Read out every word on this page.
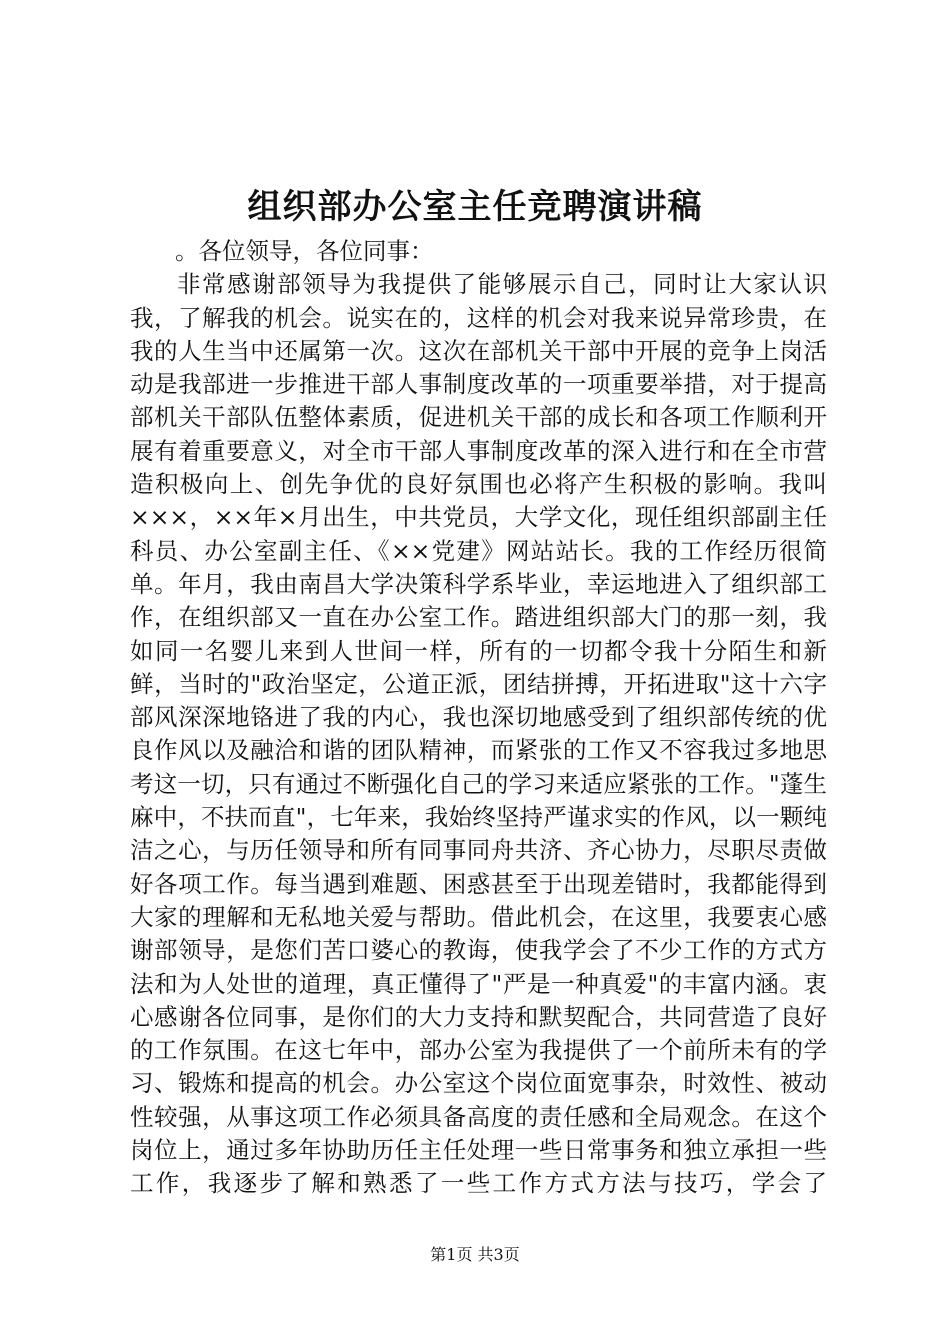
组织部办公室主任竞聘演讲稿

。各位领导，各位同事：

非常感谢部领导为我提供了能够展示自己，同时让大家认识我，了解我的机会。说实在的，这样的机会对我来说异常珍贵，在我的人生当中还属第一次。这次在部机关干部中开展的竞争上岗活动是我部进一步推进干部人事制度改革的一项重要举措，对于提高部机关干部队伍整体素质，促进机关干部的成长和各项工作顺利开展有着重要意义，对全市干部人事制度改革的深入进行和在全市营造积极向上、创先争优的良好氛围也必将产生积极的影响。我叫×××，××年×月出生，中共党员，大学文化，现任组织部副主任科员、办公室副主任、《××党建》网站站长。我的工作经历很简单。年月，我由南昌大学决策科学系毕业，幸运地进入了组织部工作，在组织部又一直在办公室工作。踏进组织部大门的那一刻，我如同一名婴儿来到人世间一样，所有的一切都令我十分陌生和新鲜，当时的"政治坚定，公道正派，团结拼搏，开拓进取"这十六字部风深深地铬进了我的内心，我也深切地感受到了组织部传统的优良作风以及融洽和谐的团队精神，而紧张的工作又不容我过多地思考这一切，只有通过不断强化自己的学习来适应紧张的工作。"蓬生麻中，不扶而直"，七年来，我始终坚持严谨求实的作风，以一颗纯洁之心，与历任领导和所有同事同舟共济、齐心协力，尽职尽责做好各项工作。每当遇到难题、困惑甚至于出现差错时，我都能得到大家的理解和无私地关爱与帮助。借此机会，在这里，我要衷心感谢部领导，是您们苦口婆心的教诲，使我学会了不少工作的方式方法和为人处世的道理，真正懂得了"严是一种真爱"的丰富内涵。衷心感谢各位同事，是你们的大力支持和默契配合，共同营造了良好的工作氛围。在这七年中，部办公室为我提供了一个前所未有的学习、锻炼和提高的机会。办公室这个岗位面宽事杂，时效性、被动性较强，从事这项工作必须具备高度的责任感和全局观念。在这个岗位上，通过多年协助历任主任处理一些日常事务和独立承担一些工作，我逐步了解和熟悉了一些工作方式方法与技巧，学会了

第1页 共3页
